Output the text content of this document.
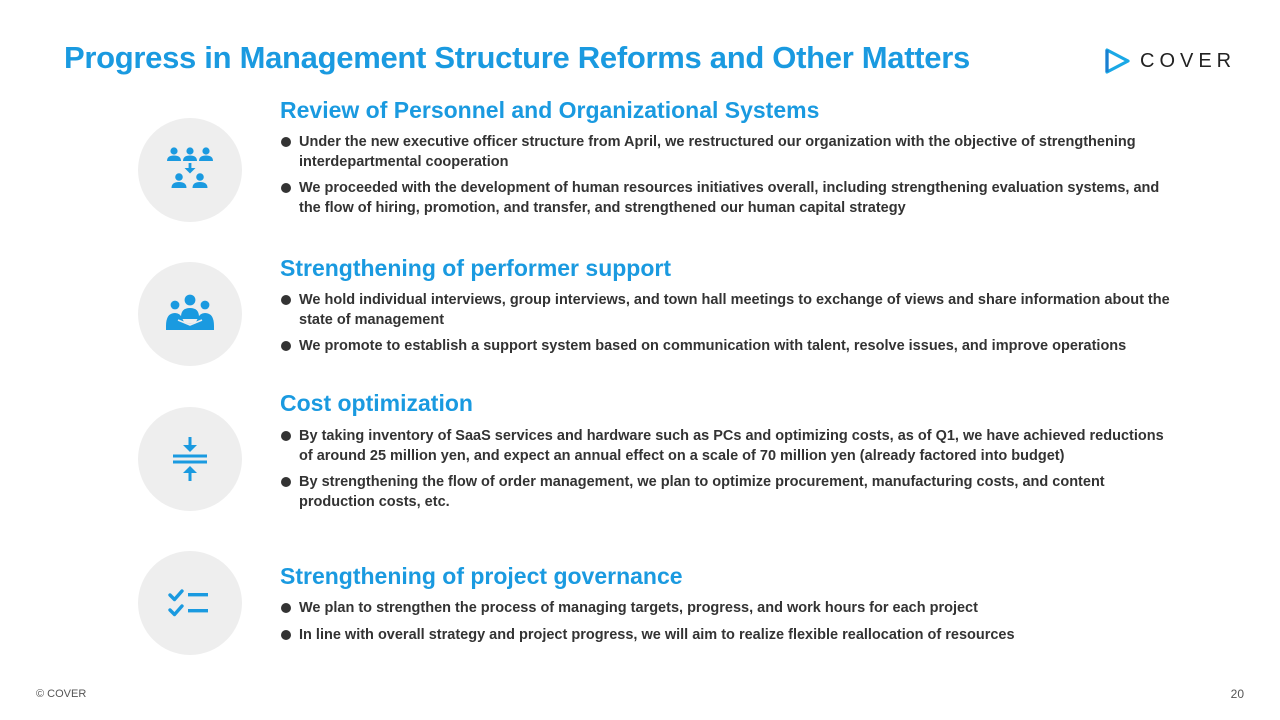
Progress in Management Structure Reforms and Other Matters	COVER
Review of Personnel and Organizational Systems
Under the new executive officer structure from April, we restructured our organization with the objective of strengthening interdepartmental cooperation
We proceeded with the development of human resources initiatives overall, including strengthening evaluation systems, and the flow of hiring, promotion, and transfer, and strengthened our human capital strategy
Strengthening of performer support
We hold individual interviews, group interviews, and town hall meetings to exchange of views and share information about the state of management
We promote to establish a support system based on communication with talent, resolve issues, and improve operations
Cost optimization
By taking inventory of SaaS services and hardware such as PCs and optimizing costs, as of Q1, we have achieved reductions of around 25 million yen, and expect an annual effect on a scale of 70 million yen (already factored into budget)
By strengthening the flow of order management, we plan to optimize procurement, manufacturing costs, and content production costs, etc.
Strengthening of project governance
We plan to strengthen the process of managing targets, progress, and work hours for each project
In line with overall strategy and project progress, we will aim to realize flexible reallocation of resources
© COVER	20
